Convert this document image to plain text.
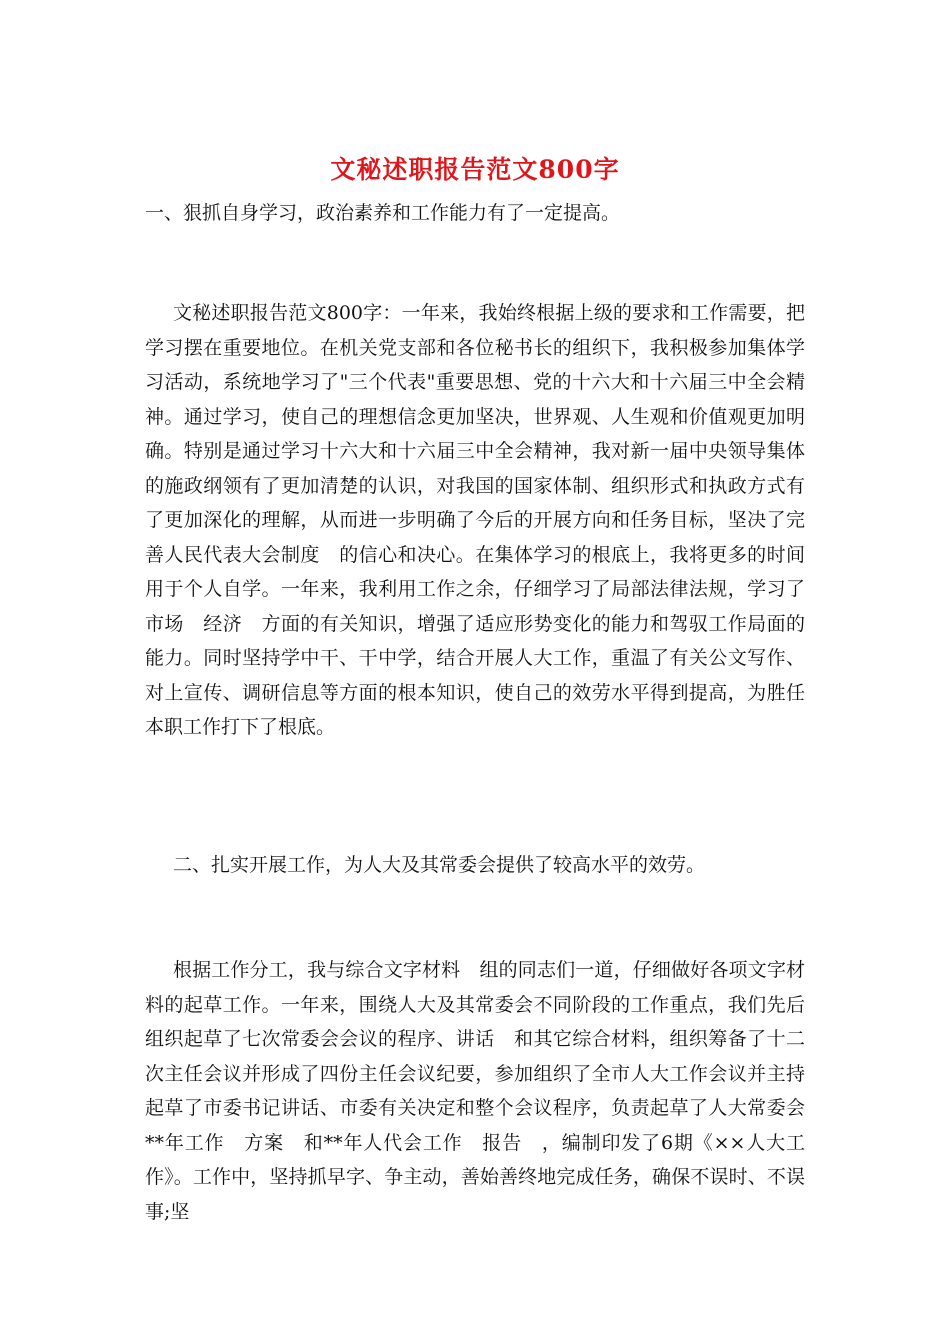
文秘述职报告范文800字

一、狠抓自身学习，政治素养和工作能力有了一定提高。

文秘述职报告范文800字：一年来，我始终根据上级的要求和工作需要，把学习摆在重要地位。在机关党支部和各位秘书长的组织下，我积极参加集体学习活动，系统地学习了"三个代表"重要思想、党的十六大和十六届三中全会精神。通过学习，使自己的理想信念更加坚决，世界观、人生观和价值观更加明确。特别是通过学习十六大和十六届三中全会精神，我对新一届中央领导集体的施政纲领有了更加清楚的认识，对我国的国家体制、组织形式和执政方式有了更加深化的理解，从而进一步明确了今后的开展方向和任务目标，坚决了完善人民代表大会制度　的信心和决心。在集体学习的根底上，我将更多的时间用于个人自学。一年来，我利用工作之余，仔细学习了局部法律法规，学习了市场　经济　方面的有关知识，增强了适应形势变化的能力和驾驭工作局面的能力。同时坚持学中干、干中学，结合开展人大工作，重温了有关公文写作、对上宣传、调研信息等方面的根本知识，使自己的效劳水平得到提高，为胜任本职工作打下了根底。

二、扎实开展工作，为人大及其常委会提供了较高水平的效劳。

根据工作分工，我与综合文字材料　组的同志们一道，仔细做好各项文字材料的起草工作。一年来，围绕人大及其常委会不同阶段的工作重点，我们先后组织起草了七次常委会会议的程序、讲话　和其它综合材料，组织筹备了十二次主任会议并形成了四份主任会议纪要，参加组织了全市人大工作会议并主持起草了市委书记讲话、市委有关决定和整个会议程序，负责起草了人大常委会**年工作　方案　和**年人代会工作　报告　，编制印发了6期《××人大工作》。工作中，坚持抓早字、争主动，善始善终地完成任务，确保不误时、不误事;坚
